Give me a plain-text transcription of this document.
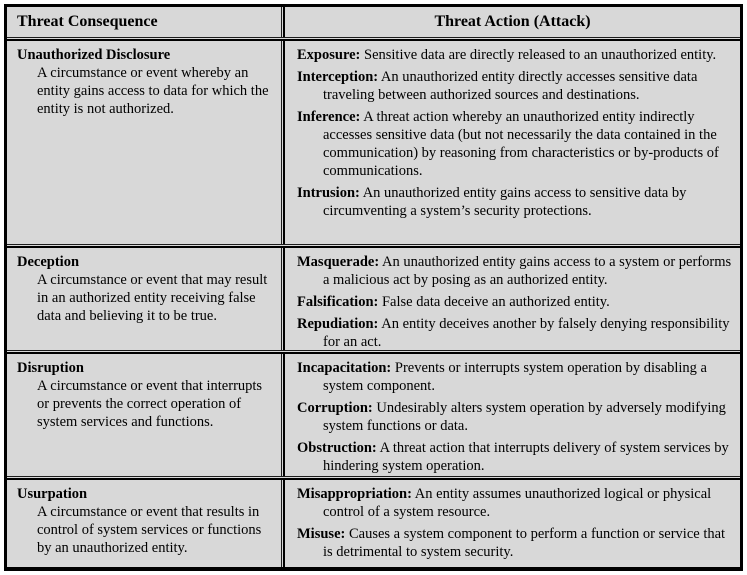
Threat Consequence	Threat Action (Attack)
Unauthorized Disclosure
A circumstance or event whereby an entity gains access to data for which the entity is not authorized.

Exposure: Sensitive data are directly released to an unauthorized entity.

Interception: An unauthorized entity directly accesses sensitive data traveling between authorized sources and destinations.

Inference: A threat action whereby an unauthorized entity indirectly accesses sensitive data (but not necessarily the data contained in the communication) by reasoning from characteristics or by-products of communications.

Intrusion: An unauthorized entity gains access to sensitive data by circumventing a system’s security protections.

Deception
A circumstance or event that may result in an authorized entity receiving false data and believing it to be true.

Masquerade: An unauthorized entity gains access to a system or performs a malicious act by posing as an authorized entity.

Falsification: False data deceive an authorized entity.

Repudiation: An entity deceives another by falsely denying responsibility for an act.

Disruption
A circumstance or event that interrupts or prevents the correct operation of system services and functions.

Incapacitation: Prevents or interrupts system operation by disabling a system component.

Corruption: Undesirably alters system operation by adversely modifying system functions or data.

Obstruction: A threat action that interrupts delivery of system services by hindering system operation.

Usurpation
A circumstance or event that results in control of system services or functions by an unauthorized entity.

Misappropriation: An entity assumes unauthorized logical or physical control of a system resource.

Misuse: Causes a system component to perform a function or service that is detrimental to system security.
